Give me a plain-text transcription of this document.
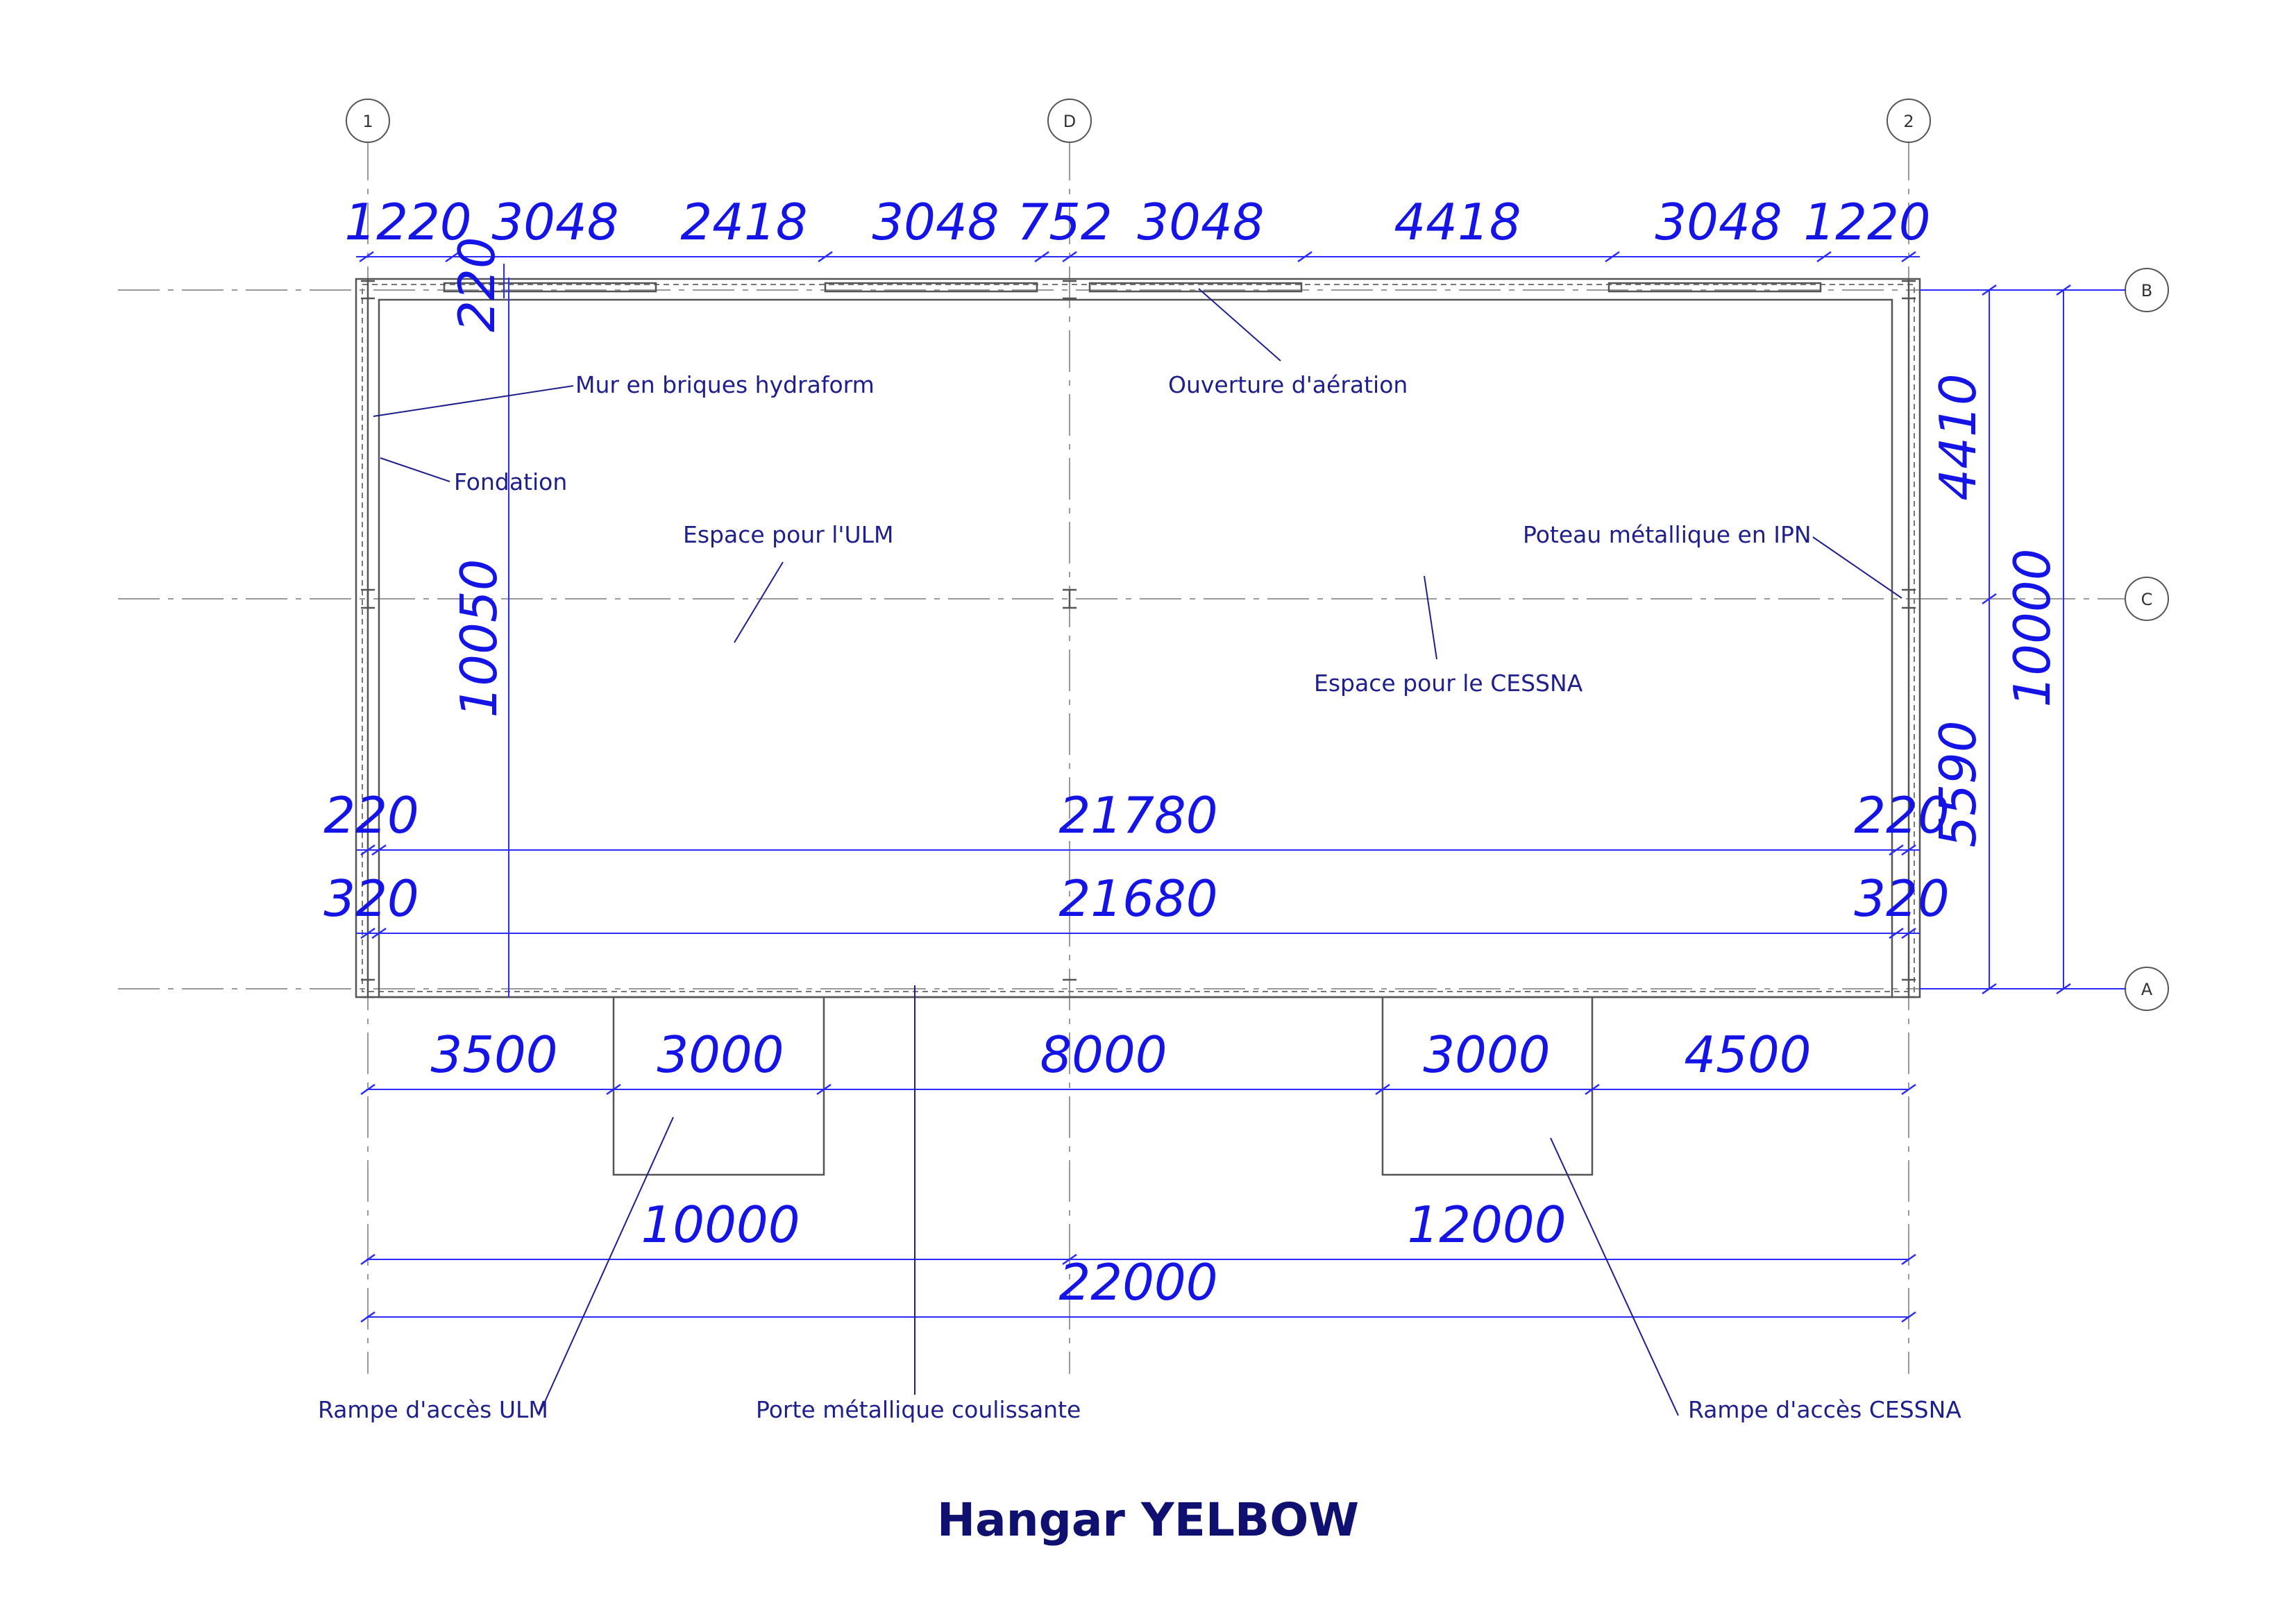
1	D	2
B
C
A
1220 3048 2418 3048 752 3048	4418	3048 1220
220
10050
4410
5590
10000
220	21780	220
320	21680	320
3500 3000	8000	3000	4500
10000	12000
22000
Mur en briques hydraform	Ouverture d'aération
Fondation
Espace pour l'ULM	Poteau métallique en IPN
Espace pour le CESSNA
Rampe d'accès ULM	Porte métallique coulissante	Rampe d'accès CESSNA
Hangar YELBOW
